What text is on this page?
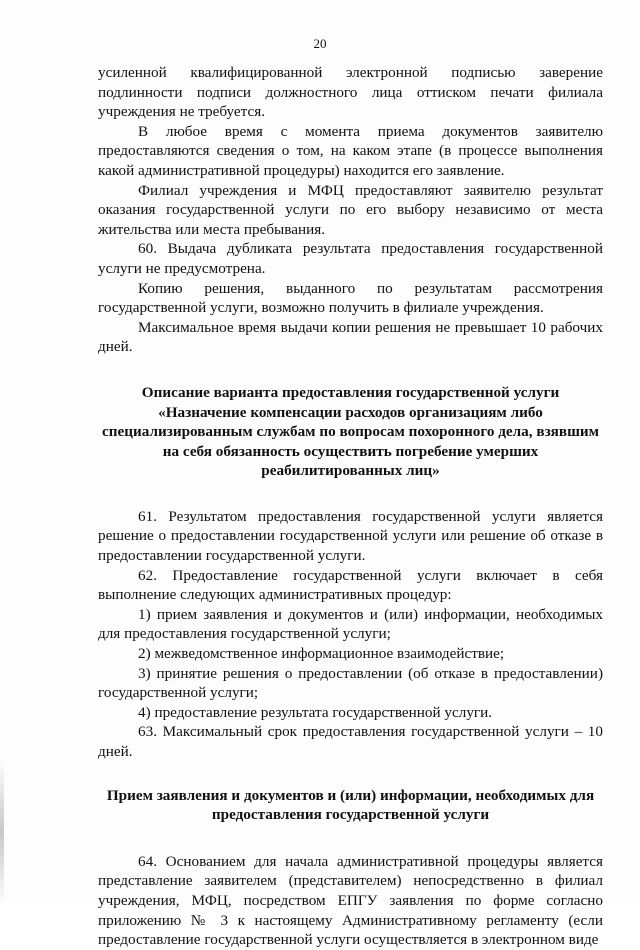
20

усиленной квалифицированной электронной подписью заверение подлинности подписи должностного лица оттиском печати филиала учреждения не требуется.

В любое время с момента приема документов заявителю предоставляются сведения о том, на каком этапе (в процессе выполнения какой административной процедуры) находится его заявление.

Филиал учреждения и МФЦ предоставляют заявителю результат оказания государственной услуги по его выбору независимо от места жительства или места пребывания.

60. Выдача дубликата результата предоставления государственной услуги не предусмотрена.

Копию решения, выданного по результатам рассмотрения государственной услуги, возможно получить в филиале учреждения.

Максимальное время выдачи копии решения не превышает 10 рабочих дней.

Описание варианта предоставления государственной услуги «Назначение компенсации расходов организациям либо специализированным службам по вопросам похоронного дела, взявшим на себя обязанность осуществить погребение умерших реабилитированных лиц»

61. Результатом предоставления государственной услуги является решение о предоставлении государственной услуги или решение об отказе в предоставлении государственной услуги.

62. Предоставление государственной услуги включает в себя выполнение следующих административных процедур:

1) прием заявления и документов и (или) информации, необходимых для предоставления государственной услуги;

2) межведомственное информационное взаимодействие;

3) принятие решения о предоставлении (об отказе в предоставлении) государственной услуги;

4) предоставление результата государственной услуги.

63. Максимальный срок предоставления государственной услуги – 10 дней.

Прием заявления и документов и (или) информации, необходимых для предоставления государственной услуги

64. Основанием для начала административной процедуры является представление заявителем (представителем) непосредственно в филиал учреждения, МФЦ, посредством ЕПГУ заявления по форме согласно приложению № 3 к настоящему Административному регламенту (если предоставление государственной услуги осуществляется в электронном виде
